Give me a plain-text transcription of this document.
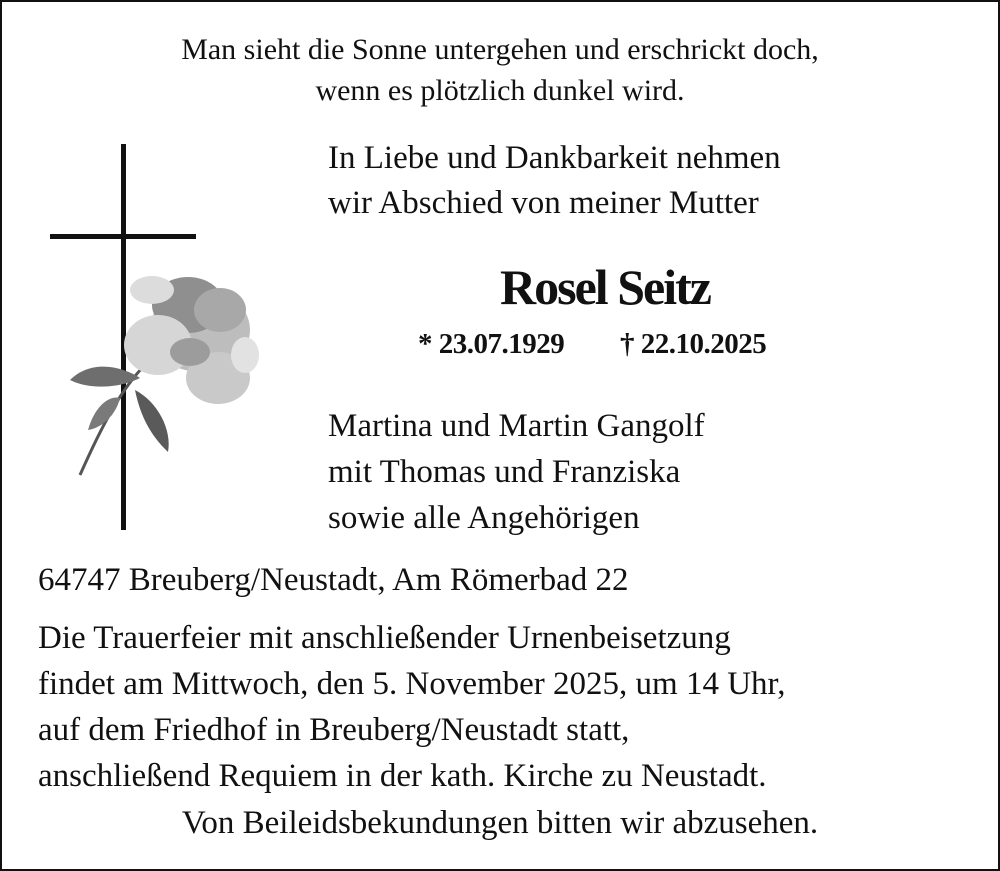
Man sieht die Sonne untergehen und erschrickt doch,
wenn es plötzlich dunkel wird.
In Liebe und Dankbarkeit nehmen
wir Abschied von meiner Mutter
Rosel Seitz
* 23.07.1929 † 22.10.2025
Martina und Martin Gangolf
mit Thomas und Franziska
sowie alle Angehörigen
64747 Breuberg/Neustadt, Am Römerbad 22
Die Trauerfeier mit anschließender Urnenbeisetzung
findet am Mittwoch, den 5. November 2025, um 14 Uhr,
auf dem Friedhof in Breuberg/Neustadt statt,
anschließend Requiem in der kath. Kirche zu Neustadt.
Von Beileidsbekundungen bitten wir abzusehen.
